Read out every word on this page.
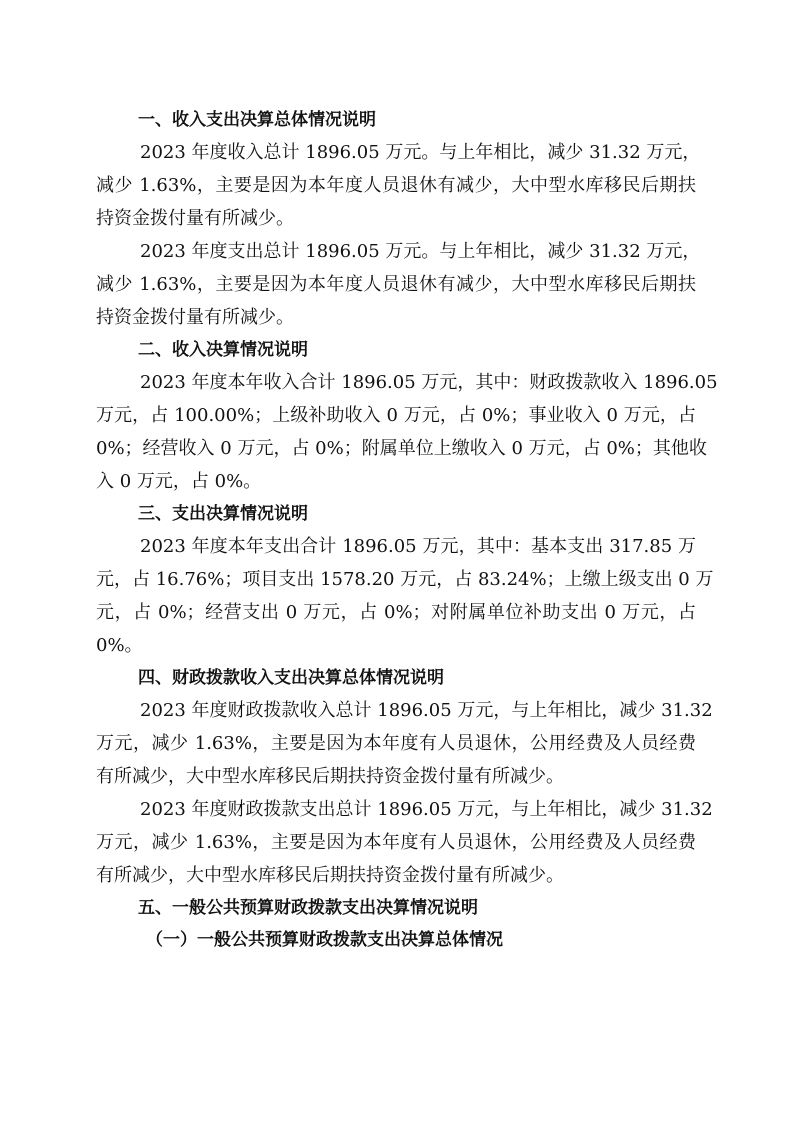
一、收入支出决算总体情况说明

2023 年度收入总计 1896.05 万元。与上年相比，减少 31.32 万元，
减少 1.63%，主要是因为本年度人员退休有减少，大中型水库移民后期扶
持资金拨付量有所减少。

2023 年度支出总计 1896.05 万元。与上年相比，减少 31.32 万元，
减少 1.63%，主要是因为本年度人员退休有减少，大中型水库移民后期扶
持资金拨付量有所减少。

二、收入决算情况说明

2023 年度本年收入合计 1896.05 万元，其中：财政拨款收入 1896.05
万元，占 100.00%；上级补助收入 0 万元，占 0%；事业收入 0 万元，占
0%；经营收入 0 万元，占 0%；附属单位上缴收入 0 万元，占 0%；其他收
入 0 万元，占 0%。

三、支出决算情况说明

2023 年度本年支出合计 1896.05 万元，其中：基本支出 317.85 万
元，占 16.76%；项目支出 1578.20 万元，占 83.24%；上缴上级支出 0 万
元，占 0%；经营支出 0 万元，占 0%；对附属单位补助支出 0 万元，占
0%。

四、财政拨款收入支出决算总体情况说明

2023 年度财政拨款收入总计 1896.05 万元，与上年相比，减少 31.32
万元，减少 1.63%，主要是因为本年度有人员退休，公用经费及人员经费
有所减少，大中型水库移民后期扶持资金拨付量有所减少。

2023 年度财政拨款支出总计 1896.05 万元，与上年相比，减少 31.32
万元，减少 1.63%，主要是因为本年度有人员退休，公用经费及人员经费
有所减少，大中型水库移民后期扶持资金拨付量有所减少。

五、一般公共预算财政拨款支出决算情况说明
（一）一般公共预算财政拨款支出决算总体情况
